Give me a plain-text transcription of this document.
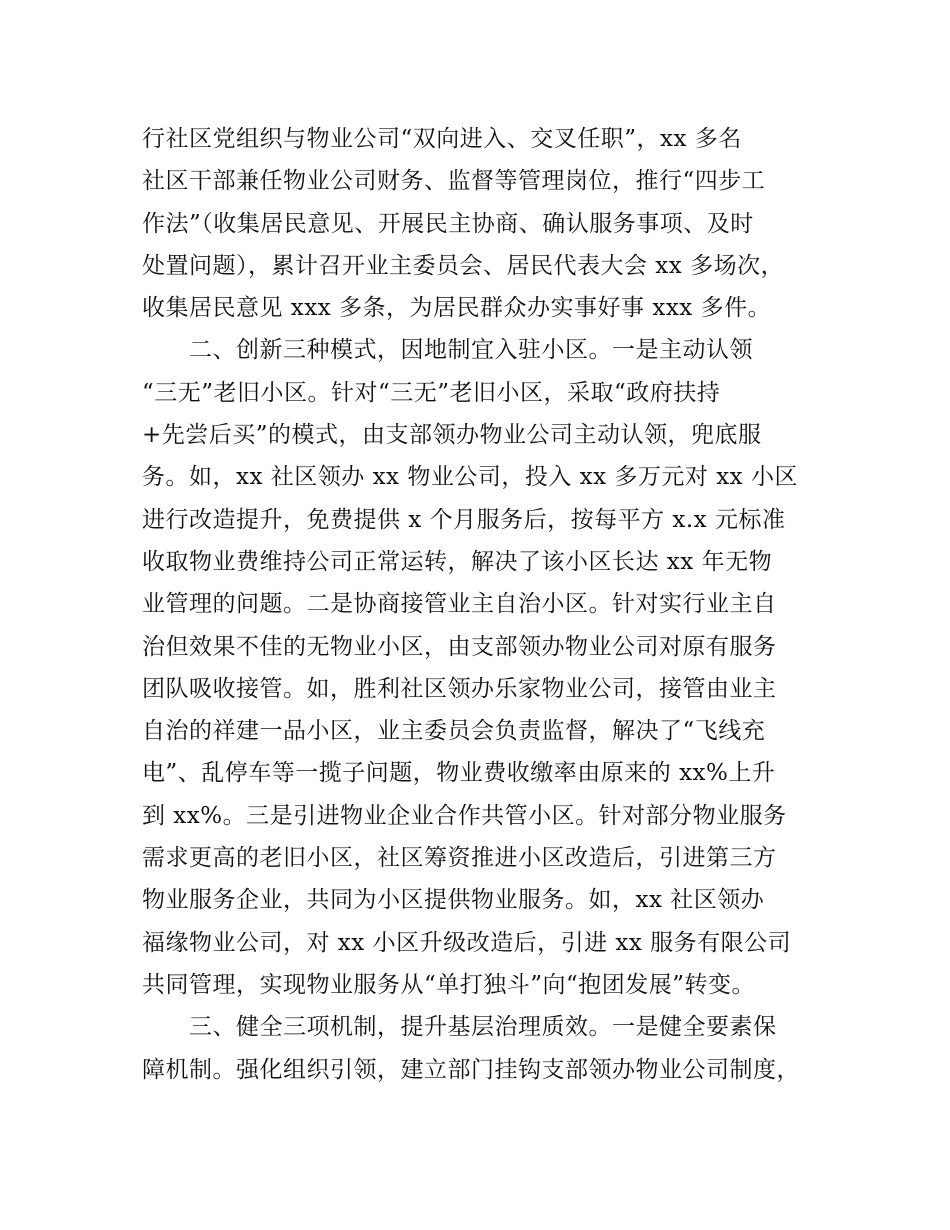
行社区党组织与物业公司“双向进入、交叉任职”，xx 多名
社区干部兼任物业公司财务、监督等管理岗位，推行“四步工
作法”（收集居民意见、开展民主协商、确认服务事项、及时
处置问题），累计召开业主委员会、居民代表大会 xx 多场次，
收集居民意见 xxx 多条，为居民群众办实事好事 xxx 多件。
二、创新三种模式，因地制宜入驻小区。一是主动认领
“三无”老旧小区。针对“三无”老旧小区，采取“政府扶持
+先尝后买”的模式，由支部领办物业公司主动认领，兜底服
务。如，xx 社区领办 xx 物业公司，投入 xx 多万元对 xx 小区
进行改造提升，免费提供 x 个月服务后，按每平方 x.x 元标准
收取物业费维持公司正常运转，解决了该小区长达 xx 年无物
业管理的问题。二是协商接管业主自治小区。针对实行业主自
治但效果不佳的无物业小区，由支部领办物业公司对原有服务
团队吸收接管。如，胜利社区领办乐家物业公司，接管由业主
自治的祥建一品小区，业主委员会负责监督，解决了“飞线充
电”、乱停车等一揽子问题，物业费收缴率由原来的 xx%上升
到 xx%。三是引进物业企业合作共管小区。针对部分物业服务
需求更高的老旧小区，社区筹资推进小区改造后，引进第三方
物业服务企业，共同为小区提供物业服务。如，xx 社区领办
福缘物业公司，对 xx 小区升级改造后，引进 xx 服务有限公司
共同管理，实现物业服务从“单打独斗”向“抱团发展”转变。
三、健全三项机制，提升基层治理质效。一是健全要素保
障机制。强化组织引领，建立部门挂钩支部领办物业公司制度，
